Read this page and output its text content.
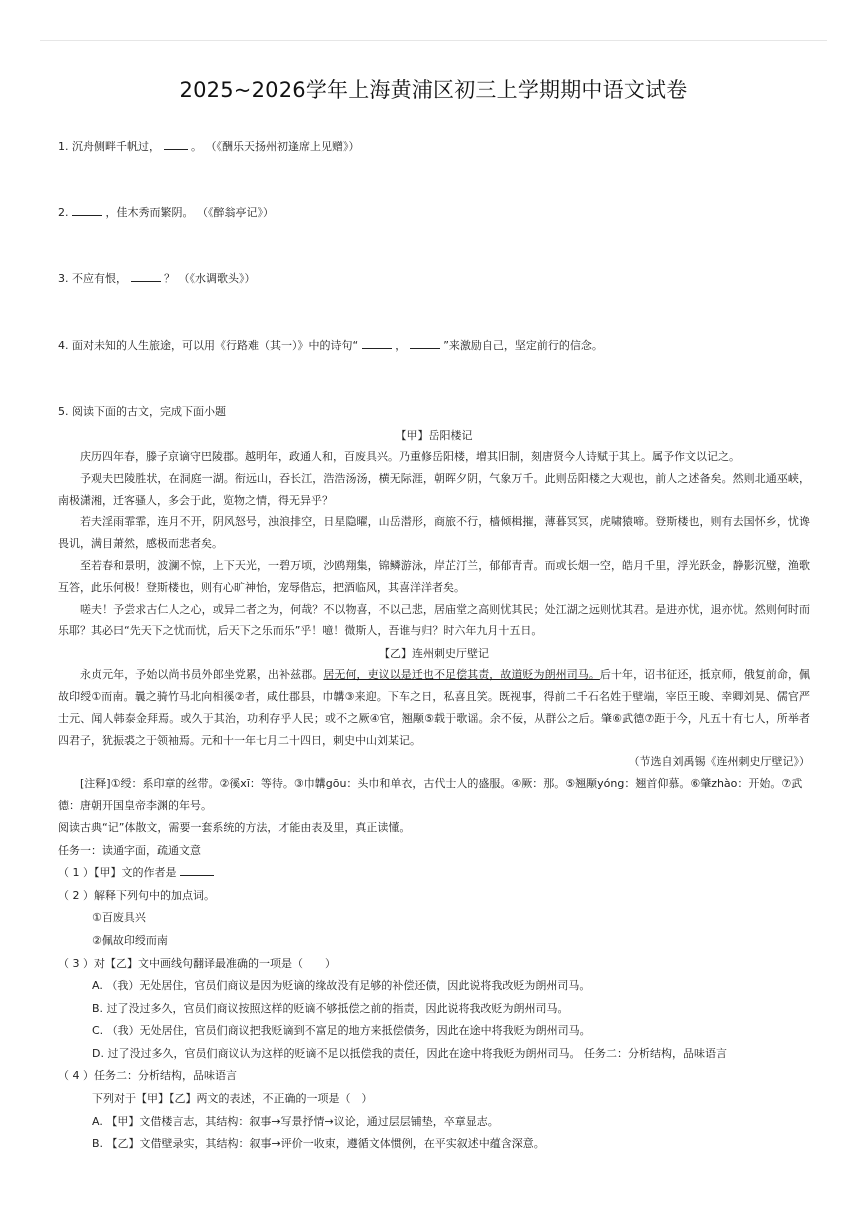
2025~2026学年上海黄浦区初三上学期期中语文试卷
1. 沉舟侧畔千帆过，	。 （《酬乐天扬州初逢席上见赠》）
2.	，佳木秀而繁阴。 （《醉翁亭记》）
3. 不应有恨，	？ （《水调歌头》）
4. 面对未知的人生旅途，可以用《行路难（其一）》中的诗句“	，	”来激励自己，坚定前行的信念。
5. 阅读下面的古文，完成下面小题
【甲】岳阳楼记
庆历四年春，滕子京谪守巴陵郡。越明年，政通人和，百废具兴。乃重修岳阳楼，增其旧制，刻唐贤今人诗赋于其上。属予作文以记之。
予观夫巴陵胜状，在洞庭一湖。衔远山，吞长江，浩浩汤汤，横无际涯，朝晖夕阴，气象万千。此则岳阳楼之大观也，前人之述备矣。然则北通巫峡，南极潇湘，迁客骚人，多会于此，览物之情，得无异乎？
若夫淫雨霏霏，连月不开，阴风怒号，浊浪排空，日星隐曜，山岳潜形，商旅不行，樯倾楫摧，薄暮冥冥，虎啸猿啼。登斯楼也，则有去国怀乡，忧谗畏讥，满目萧然，感极而悲者矣。
至若春和景明，波澜不惊，上下天光，一碧万顷，沙鸥翔集，锦鳞游泳，岸芷汀兰，郁郁青青。而或长烟一空，皓月千里，浮光跃金，静影沉璧，渔歌互答，此乐何极！登斯楼也，则有心旷神怡，宠辱偕忘，把酒临风，其喜洋洋者矣。
嗟夫！予尝求古仁人之心，或异二者之为，何哉？不以物喜，不以己悲，居庙堂之高则忧其民；处江湖之远则忧其君。是进亦忧，退亦忧。然则何时而乐耶？其必曰“先天下之忧而忧，后天下之乐而乐”乎！噫！微斯人，吾谁与归？时六年九月十五日。
【乙】连州刺史厅壁记
永贞元年，予始以尚书员外郎坐党累，出补兹郡。居无何，吏议以是迁也不足偿其责，故道贬为朗州司马。后十年，诏书征还，抵京师，俄复前命，佩故印绶①而南。曩之骑竹马北向相徯②者，咸仕郡县，巾韝③来迎。下车之日，私喜且笑。既视事，得前二千石名姓于壁端，宰臣王晙、幸卿刘晃、儒官严士元、闻人韩泰金拜焉。或久于其治，功利存乎人民；或不之厥④官，翘颙⑤载于歌谣。余不佞，从群公之后。肇⑥武德⑦距于今，凡五十有七人，所举者四君子，犹振裘之于领袖焉。元和十一年七月二十四日，刺史中山刘某记。
（节选自刘禹锡《连州刺史厅壁记》）
[注释]①绶：系印章的丝带。②徯xī：等待。③巾韝gōu：头巾和单衣，古代士人的盛服。④厥：那。⑤翘颙yóng：翘首仰慕。⑥肇zhào：开始。⑦武德：唐朝开国皇帝李渊的年号。
阅读古典“记”体散文，需要一套系统的方法，才能由表及里，真正读懂。
任务一：读通字面，疏通文意
（ 1 ）【甲】文的作者是
（ 2 ）解释下列句中的加点词。
①百废具兴
②佩故印绶而南
（ 3 ）对【乙】文中画线句翻译最准确的一项是（　　）
A. （我）无处居住，官员们商议是因为贬谪的缘故没有足够的补偿还债，因此说将我改贬为朗州司马。
B. 过了没过多久，官员们商议按照这样的贬谪不够抵偿之前的指责，因此说将我改贬为朗州司马。
C. （我）无处居住，官员们商议把我贬谪到不富足的地方来抵偿债务，因此在途中将我贬为朗州司马。
D. 过了没过多久，官员们商议认为这样的贬谪不足以抵偿我的责任，因此在途中将我贬为朗州司马。 任务二：分析结构，品味语言
（ 4 ）任务二：分析结构，品味语言
下列对于【甲】【乙】两文的表述，不正确的一项是（　）
A. 【甲】文借楼言志，其结构：叙事→写景抒情→议论，通过层层铺垫，卒章显志。
B. 【乙】文借壁录实，其结构：叙事→评价一收束，遵循文体惯例，在平实叙述中蕴含深意。
